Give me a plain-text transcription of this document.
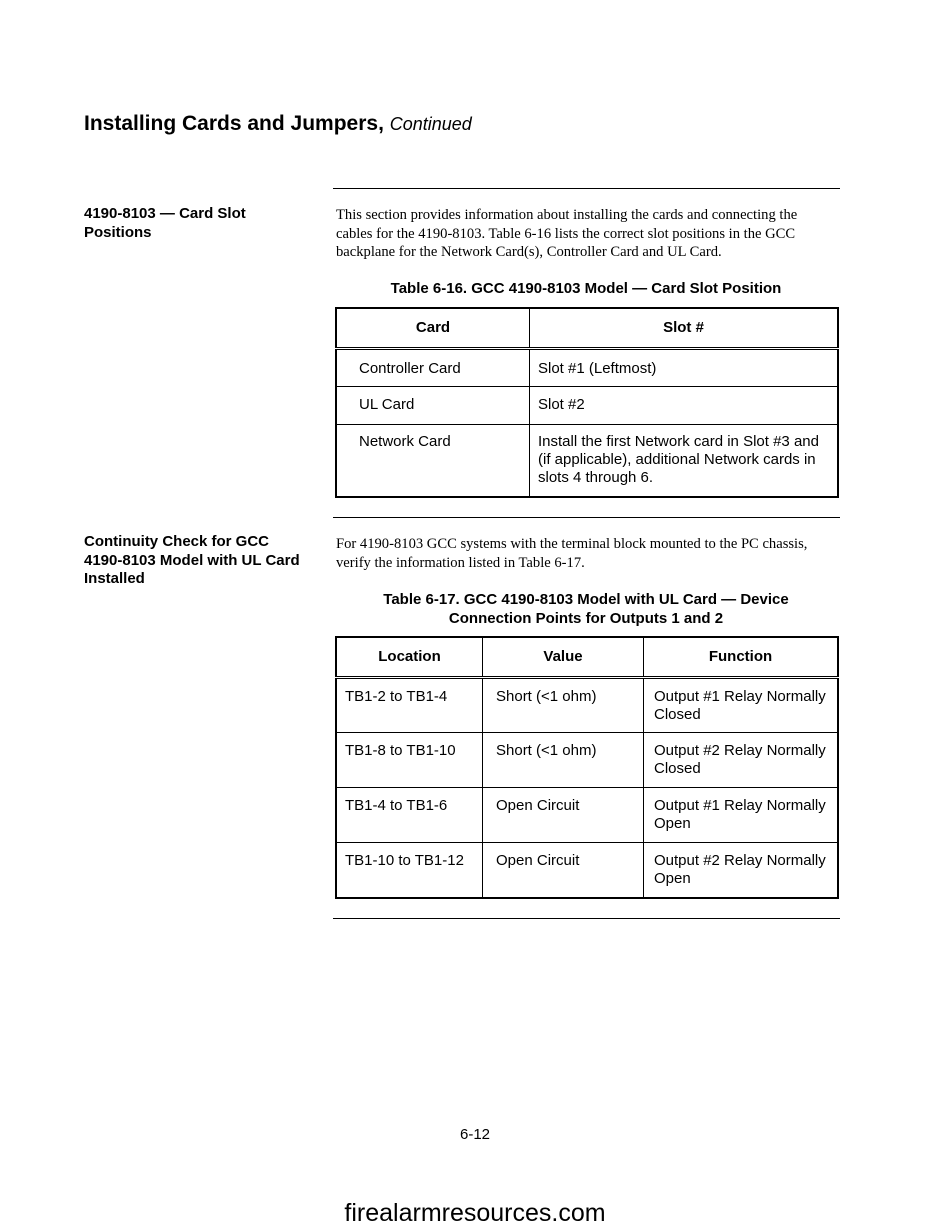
Installing Cards and Jumpers, Continued
4190-8103 — Card Slot
Positions
This section provides information about installing the cards and connecting the cables for the 4190-8103. Table 6-16 lists the correct slot positions in the GCC backplane for the Network Card(s), Controller Card and UL Card.
Table 6-16. GCC 4190-8103 Model — Card Slot Position
Card	Slot #
Controller Card	Slot #1 (Leftmost)
UL Card	Slot #2
Network Card	Install the first Network card in Slot #3 and (if applicable), additional Network cards in slots 4 through 6.
Continuity Check for GCC
4190-8103 Model with UL Card
Installed
For 4190-8103 GCC systems with the terminal block mounted to the PC chassis, verify the information listed in Table 6-17.
Table 6-17. GCC 4190-8103 Model with UL Card — Device
Connection Points for Outputs 1 and 2
Location	Value	Function
TB1-2 to TB1-4	Short (<1 ohm)	Output #1 Relay Normally Closed
TB1-8 to TB1-10	Short (<1 ohm)	Output #2 Relay Normally Closed
TB1-4 to TB1-6	Open Circuit	Output #1 Relay Normally Open
TB1-10 to TB1-12	Open Circuit	Output #2 Relay Normally Open
6-12
firealarmresources.com
